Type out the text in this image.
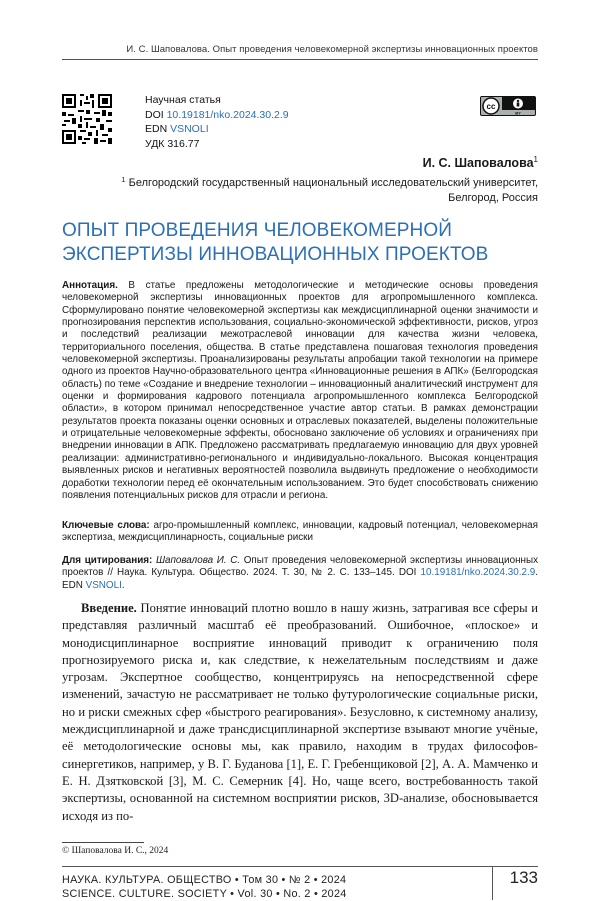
И. С. Шаповалова. Опыт проведения человекомерной экспертизы инновационных проектов
Научная статья
DOI 10.19181/nko.2024.30.2.9
EDN VSNOLI
УДК 316.77
cc
BY
И. С. Шаповалова$^1$
$^1$ Белгородский государственный национальный исследовательский университет,
Белгород, Россия
ОПЫТ ПРОВЕДЕНИЯ ЧЕЛОВЕКОМЕРНОЙ ЭКСПЕРТИЗЫ ИННОВАЦИОННЫХ ПРОЕКТОВ
Аннотация. В статье предложены методологические и методические основы проведения человекомерной экспертизы инновационных проектов для агропромышленного комплекса. Сформулировано понятие человекомерной экспертизы как междисциплинарной оценки значимости и прогнозирования перспектив использования, социально-экономической эффективности, рисков, угроз и последствий реализации межотраслевой инновации для качества жизни человека, территориального поселения, общества. В статье представлена пошаговая технология проведения человекомерной экспертизы. Проанализированы результаты апробации такой технологии на примере одного из проектов Научно-образовательного центра «Инновационные решения в АПК» (Белгородская область) по теме «Создание и внедрение технологии – инновационный аналитический инструмент для оценки и формирования кадрового потенциала агропромышленного комплекса Белгородской области», в котором принимал непосредственное участие автор статьи. В рамках демонстрации результатов проекта показаны оценки основных и отраслевых показателей, выделены положительные и отрицательные человекомерные эффекты, обосновано заключение об условиях и ограничениях при внедрении инновации в АПК. Предложено рассматривать предлагаемую инновацию для двух уровней реализации: административно-регионального и индивидуально-локального. Высокая концентрация выявленных рисков и негативных вероятностей позволила выдвинуть предложение о необходимости доработки технологии перед её окончательным использованием. Это будет способствовать снижению появления потенциальных рисков для отрасли и региона.
Ключевые слова: агро-промышленный комплекс, инновации, кадровый потенциал, человекомерная экспертиза, междисциплинарность, социальные риски
Для цитирования: Шаповалова И. С. Опыт проведения человекомерной экспертизы инновационных проектов // Наука. Культура. Общество. 2024. Т. 30, № 2. С. 133–145. DOI 10.19181/nko.2024.30.2.9. EDN VSNOLI.
Введение. Понятие инноваций плотно вошло в нашу жизнь, затрагивая все сферы и представляя различный масштаб её преобразований. Ошибочное, «плоское» и монодисциплинарное восприятие инноваций приводит к ограничению поля прогнозируемого риска и, как следствие, к нежелательным последствиям и даже угрозам. Экспертное сообщество, концентрируясь на непосредственной сфере изменений, зачастую не рассматривает не только футурологические социальные риски, но и риски смежных сфер «быстрого реагирования». Безусловно, к системному анализу, междисциплинарной и даже трансдисциплинарной экспертизе взывают многие учёные, её методологические основы мы, как правило, находим в трудах философов-синергетиков, например, у В. Г. Буданова [1], Е. Г. Гребенщиковой [2], А. А. Мамченко и Е. Н. Дзятковской [3], М. С. Семерник [4]. Но, чаще всего, востребованность такой экспертизы, основанной на системном восприятии рисков, 3D-анализе, обосновывается исходя из по-
© Шаповалова И. С., 2024
НАУКА. КУЛЬТУРА. ОБЩЕСТВО • Том 30 • № 2 • 2024
SCIENCE. CULTURE. SOCIETY • Vol. 30 • No. 2 • 2024
133
